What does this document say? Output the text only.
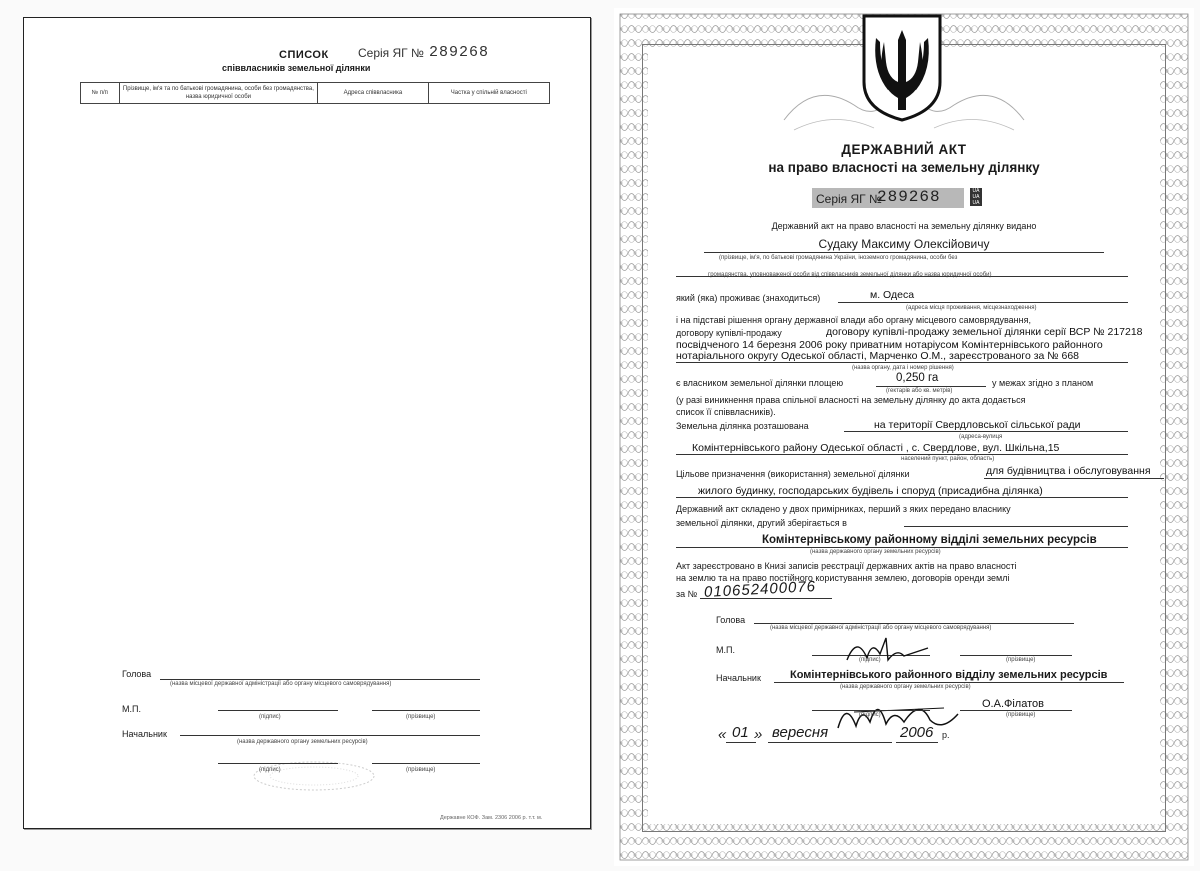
СПИСОК Серія ЯГ № 289268
співвласників земельної ділянки
№ п/п	Прізвище, ім'я та по батькові громадянина, особи без громадянства, назва юридичної особи	Адреса співвласника	Частка у спільній власності
Голова
(назва місцевої державної адміністрації або органу місцевого самоврядування)
М.П.
(підпис)	(прізвище)
Начальник
(назва державного органу земельних ресурсів)
(підпис)	(прізвище)
Державне КОФ. Зам. 2306 2006 р. т.т. м.
ДЕРЖАВНИЙ АКТ
на право власності на земельну ділянку
Серія ЯГ №
289268	UA UA UA
Державний акт на право власності на земельну ділянку видано
Судаку Максиму Олексійовичу
(прізвище, ім'я, по батькові громадянина України, іноземного громадянина, особи без
громадянства, уповноваженої особи від співвласників земельної ділянки або назва юридичної особи)
який (яка) проживає (знаходиться)	м. Одеса
(адреса місця проживання, місцезнаходження)
і на підставі рішення органу державної влади або органу місцевого самоврядування,
договору купівлі-продажу	договору купівлі-продажу земельної ділянки серії ВСР № 217218
посвідченого 14 березня 2006 року приватним нотаріусом Комінтернівського районного
нотаріального округу Одеської області, Марченко О.М., зареєстрованого за № 668
(назва органу, дата і номер рішення)
є власником земельної ділянки площею	0,250 га
(гектарів або кв. метрів)
у межах згідно з планом
(у разі виникнення права спільної власності на земельну ділянку до акта додається
список її співвласників).
Земельна ділянка розташована	на території Свердловської сільської ради
(адреса-вулиця
Комінтернівського району Одеської області , с. Свердлове, вул. Шкільна,15
населений пункт, район, область)
Цільове призначення (використання) земельної ділянки	для будівництва і обслуговування
жилого будинку, господарських будівель і споруд (присадибна ділянка)
Державний акт складено у двох примірниках, перший з яких передано власнику
земельної ділянки, другий зберігається в
Комінтернівському районному відділі земельних ресурсів
(назва державного органу земельних ресурсів)
Акт зареєстровано в Книзі записів реєстрації державних актів на право власності
на землю та на право постійного користування землею, договорів оренди землі
за № 010652400076
Голова
(назва місцевої державної адміністрації або органу місцевого самоврядування)
М.П.
(підпис)	(прізвище)
Начальник	Комінтернівського районного відділу земельних ресурсів
(назва державного органу земельних ресурсів)
О.А.Філатов
(підпис)	(прізвище)
« 01 » вересня	2006 р.
